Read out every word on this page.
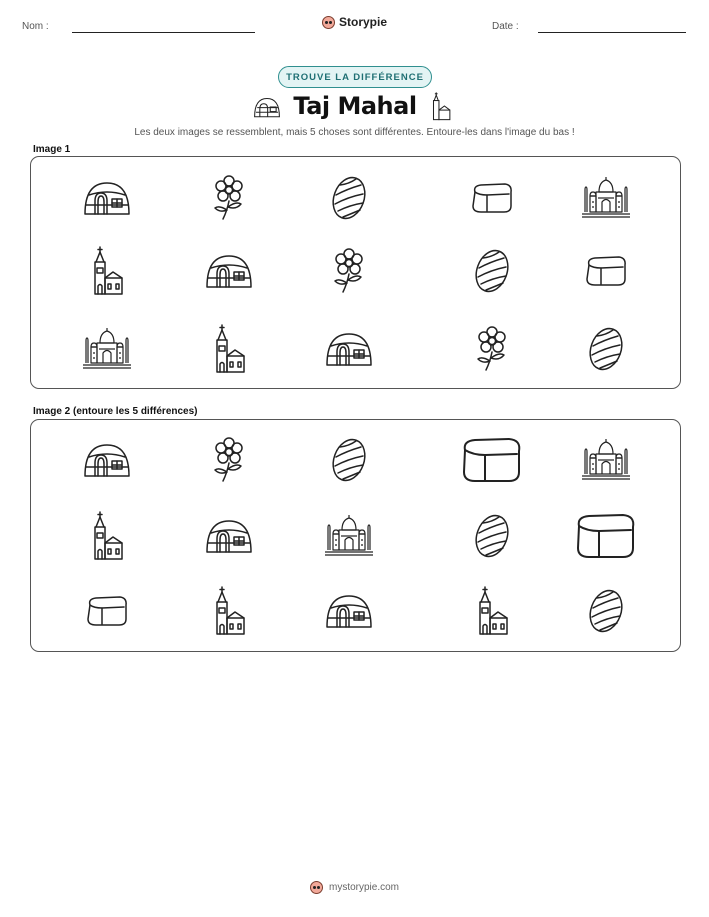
Nom :	Storypie	Date :
TROUVE LA DIFFÉRENCE
Taj Mahal
Les deux images se ressemblent, mais 5 choses sont différentes. Entoure-les dans l'image du bas !
Image 1
Image 2 (entoure les 5 différences)
mystorypie.com
